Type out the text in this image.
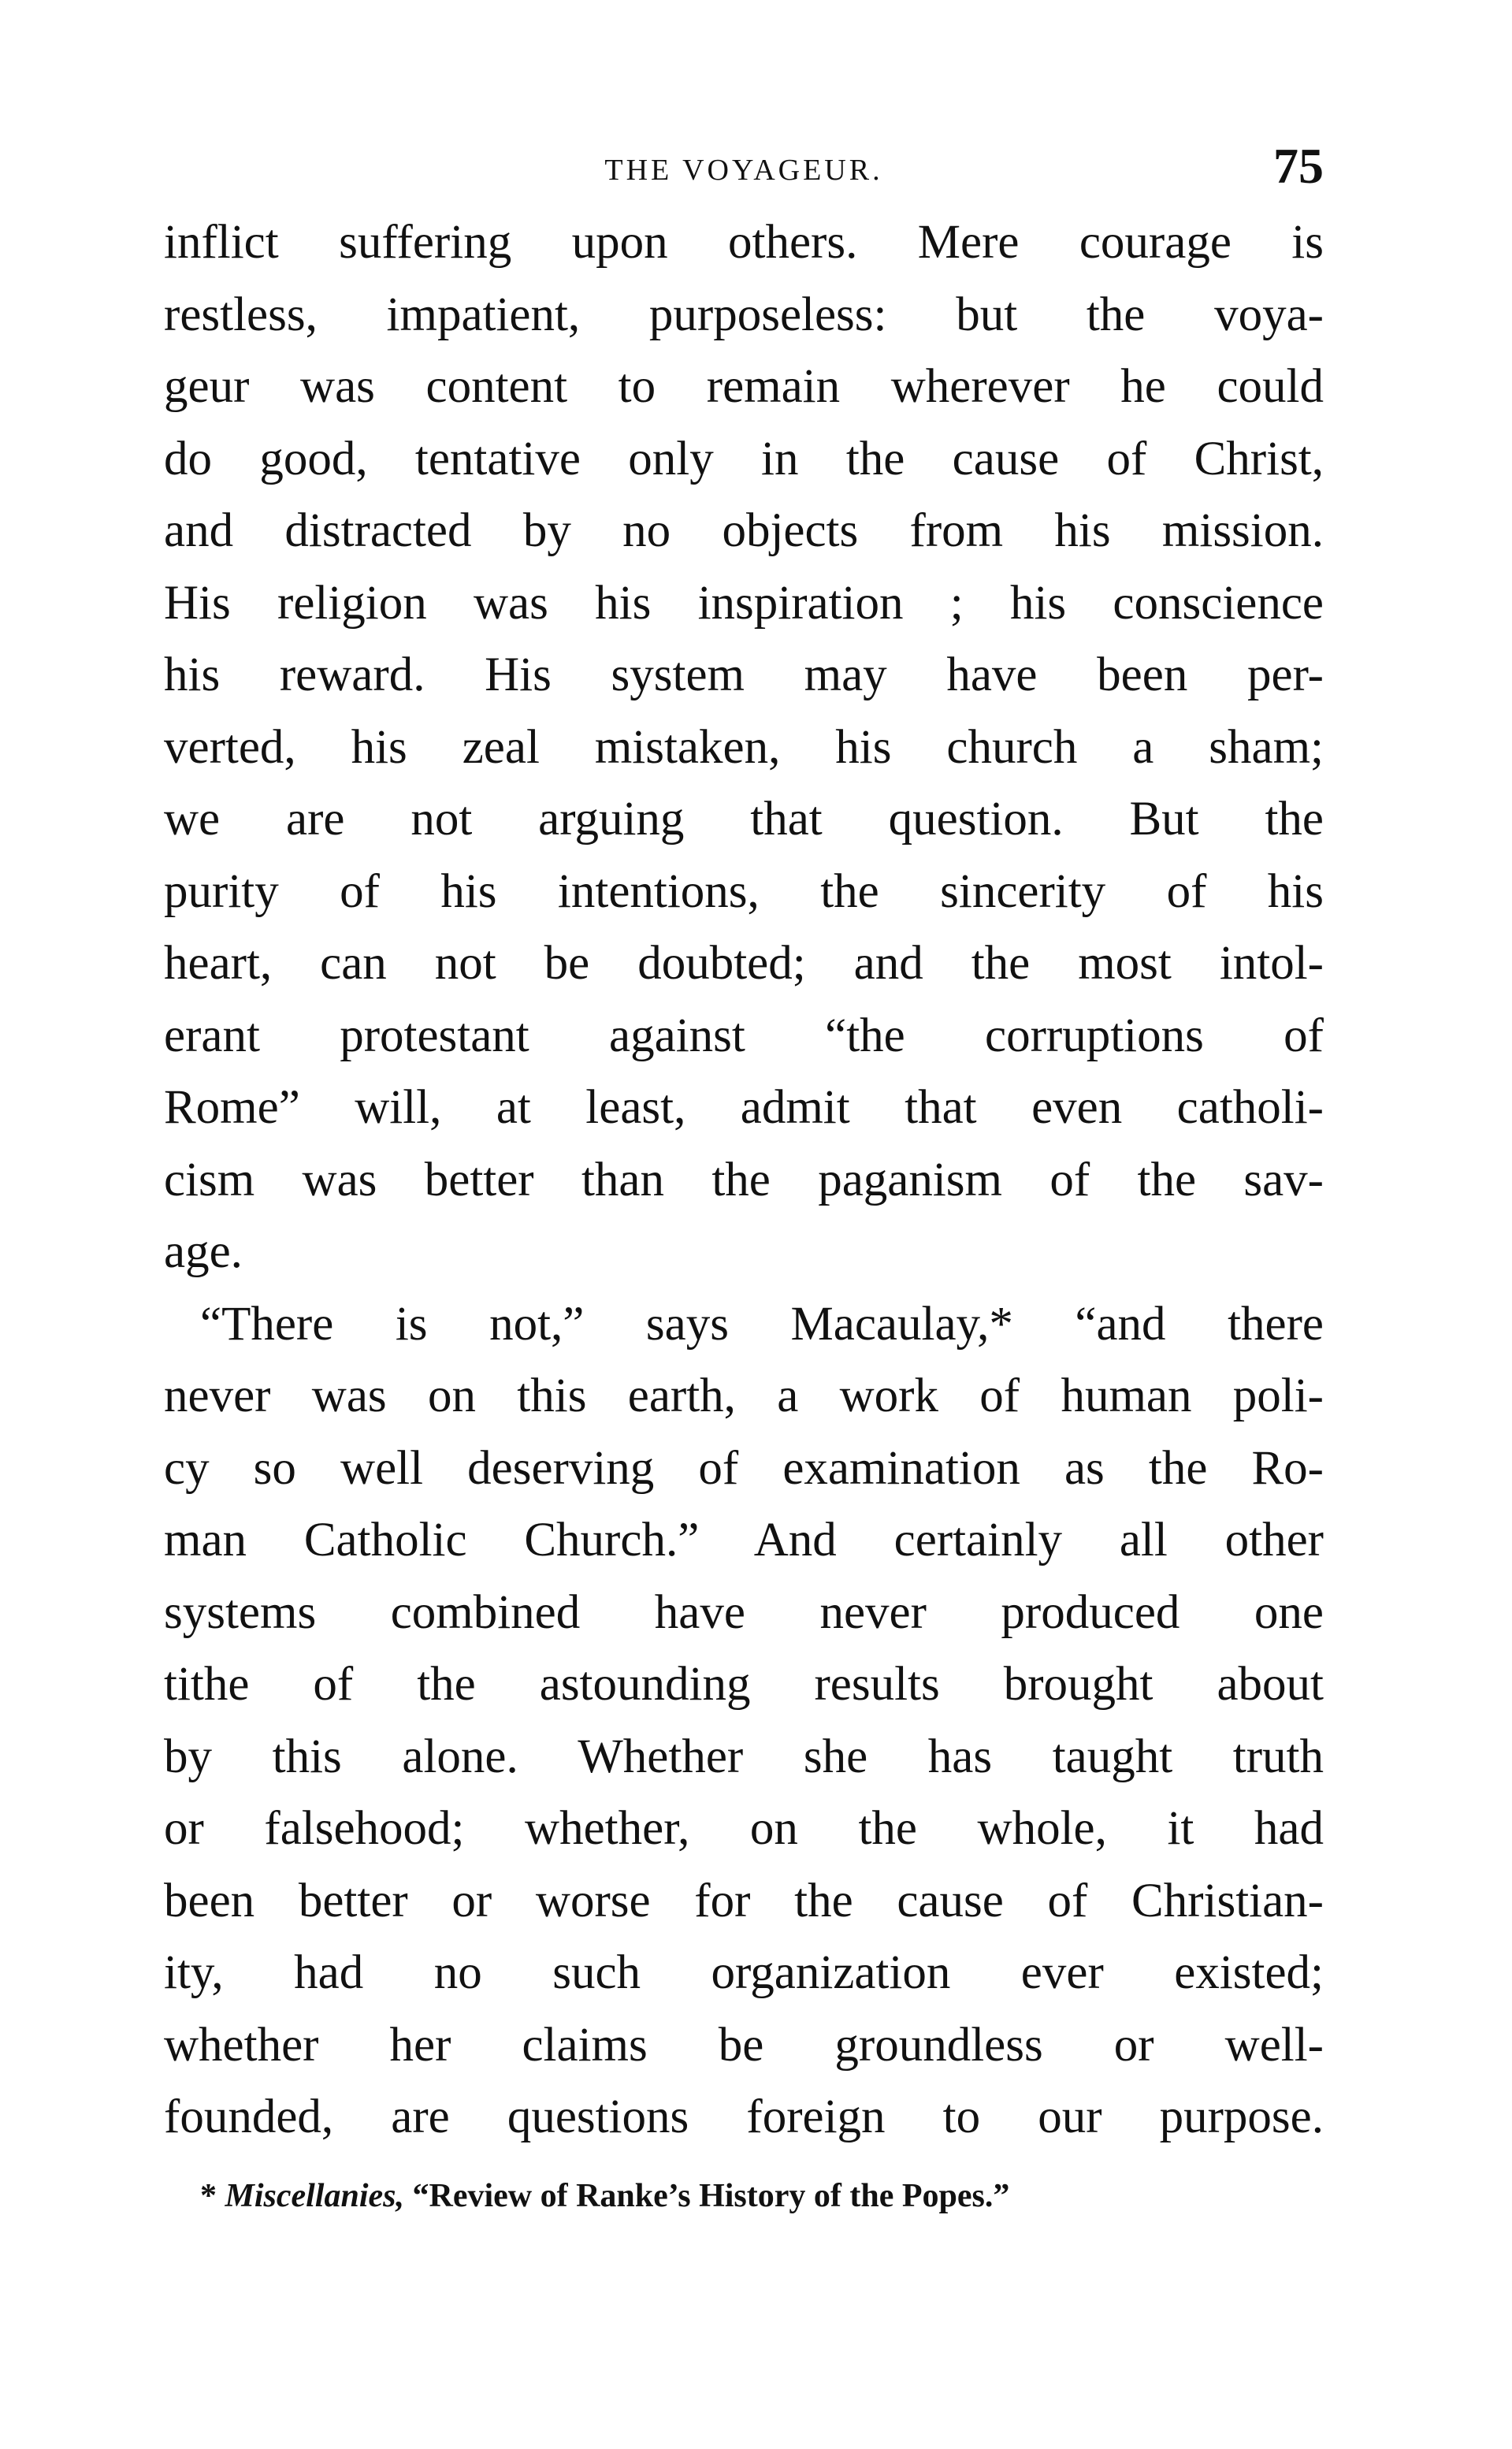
THE VOYAGEUR.	75
inflict suffering upon others. Mere courage is
restless, impatient, purposeless: but the voya-
geur was content to remain wherever he could
do good, tentative only in the cause of Christ,
and distracted by no objects from his mission.
His religion was his inspiration ; his conscience
his reward. His system may have been per-
verted, his zeal mistaken, his church a sham;
we are not arguing that question. But the
purity of his intentions, the sincerity of his
heart, can not be doubted; and the most intol-
erant protestant against “the corruptions of
Rome” will, at least, admit that even catholi-
cism was better than the paganism of the sav-
age.
“There is not,” says Macaulay,* “and there
never was on this earth, a work of human poli-
cy so well deserving of examination as the Ro-
man Catholic Church.” And certainly all other
systems combined have never produced one
tithe of the astounding results brought about
by this alone. Whether she has taught truth
or falsehood; whether, on the whole, it had
been better or worse for the cause of Christian-
ity, had no such organization ever existed;
whether her claims be groundless or well-
founded, are questions foreign to our purpose.
* Miscellanies, “Review of Ranke’s History of the Popes.”
